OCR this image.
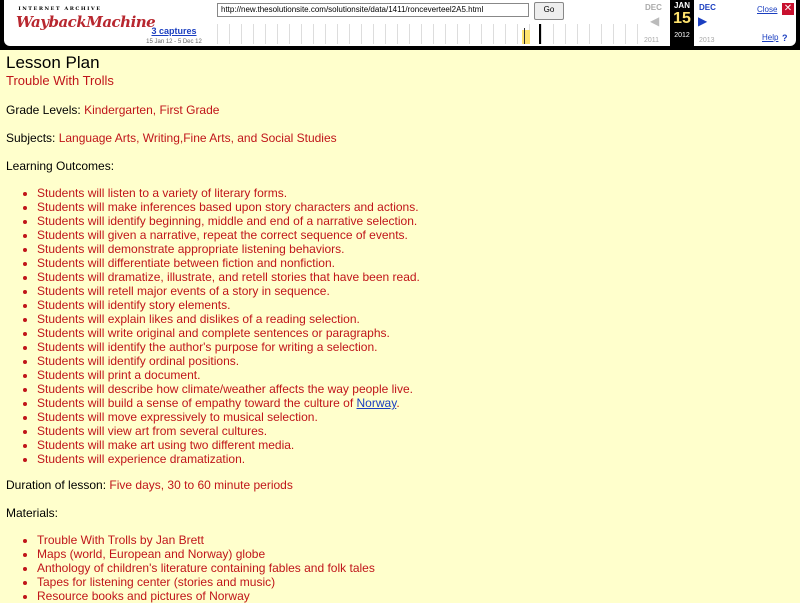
INTERNET ARCHIVE
WaybackMachine
3 captures
15 Jan 12 - 5 Dec 12
http://new.thesolutionsite.com/solutionsite/data/1411/ronceverteel2A5.html	Go	DEC
◀
2011
JAN
15
2012
DEC
▶
2013
Close ✕
Help ?

Lesson Plan

Trouble With Trolls

Grade Levels: Kindergarten, First Grade

Subjects: Language Arts, Writing,Fine Arts, and Social Studies

Learning Outcomes:

• Students will listen to a variety of literary forms.
• Students will make inferences based upon story characters and actions.
• Students will identify beginning, middle and end of a narrative selection.
• Students will given a narrative, repeat the correct sequence of events.
• Students will demonstrate appropriate listening behaviors.
• Students will differentiate between fiction and nonfiction.
• Students will dramatize, illustrate, and retell stories that have been read.
• Students will retell major events of a story in sequence.
• Students will identify story elements.
• Students will explain likes and dislikes of a reading selection.
• Students will write original and complete sentences or paragraphs.
• Students will identify the author's purpose for writing a selection.
• Students will identify ordinal positions.
• Students will print a document.
• Students will describe how climate/weather affects the way people live.
• Students will build a sense of empathy toward the culture of Norway.
• Students will move expressively to musical selection.
• Students will view art from several cultures.
• Students will make art using two different media.
• Students will experience dramatization.

Duration of lesson: Five days, 30 to 60 minute periods

Materials:

• Trouble With Trolls by Jan Brett
• Maps (world, European and Norway) globe
• Anthology of children's literature containing fables and folk tales
• Tapes for listening center (stories and music)
• Resource books and pictures of Norway
